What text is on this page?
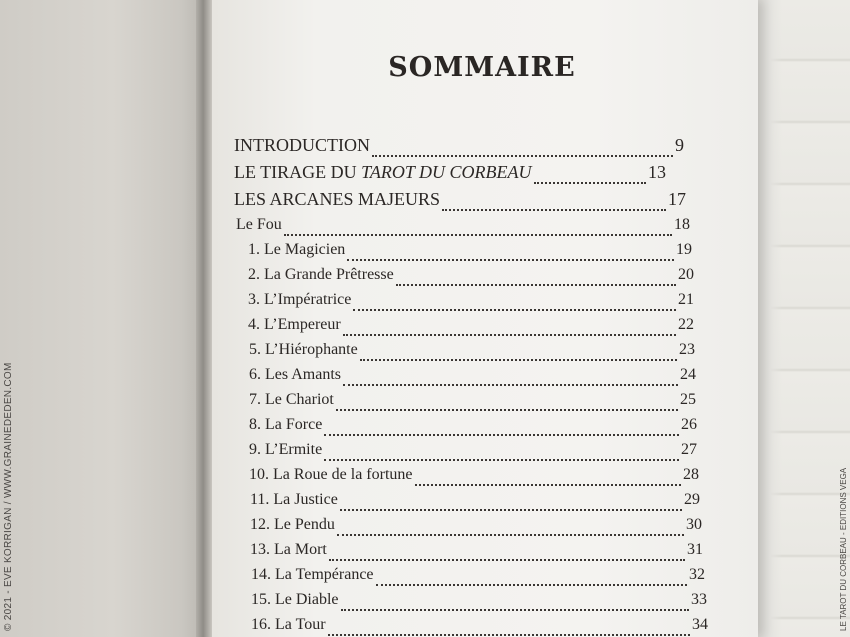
SOMMAIRE
INTRODUCTION	9
LE TIRAGE DU TAROT DU CORBEAU	13
LES ARCANES MAJEURS	17
Le Fou	18
1. Le Magicien	19
2. La Grande Prêtresse	20
3. L’Impératrice	21
4. L’Empereur	22
5. L’Hiérophante	23
6. Les Amants	24
7. Le Chariot	25
8. La Force	26
9. L’Ermite	27
10. La Roue de la fortune	28
11. La Justice	29
12. Le Pendu	30
13. La Mort	31
14. La Tempérance	32
15. Le Diable	33
16. La Tour	34
© 2021 - EVE KORRIGAN / WWW.GRAINEDEDEN.COM	LE TAROT DU CORBEAU - EDITIONS VEGA
